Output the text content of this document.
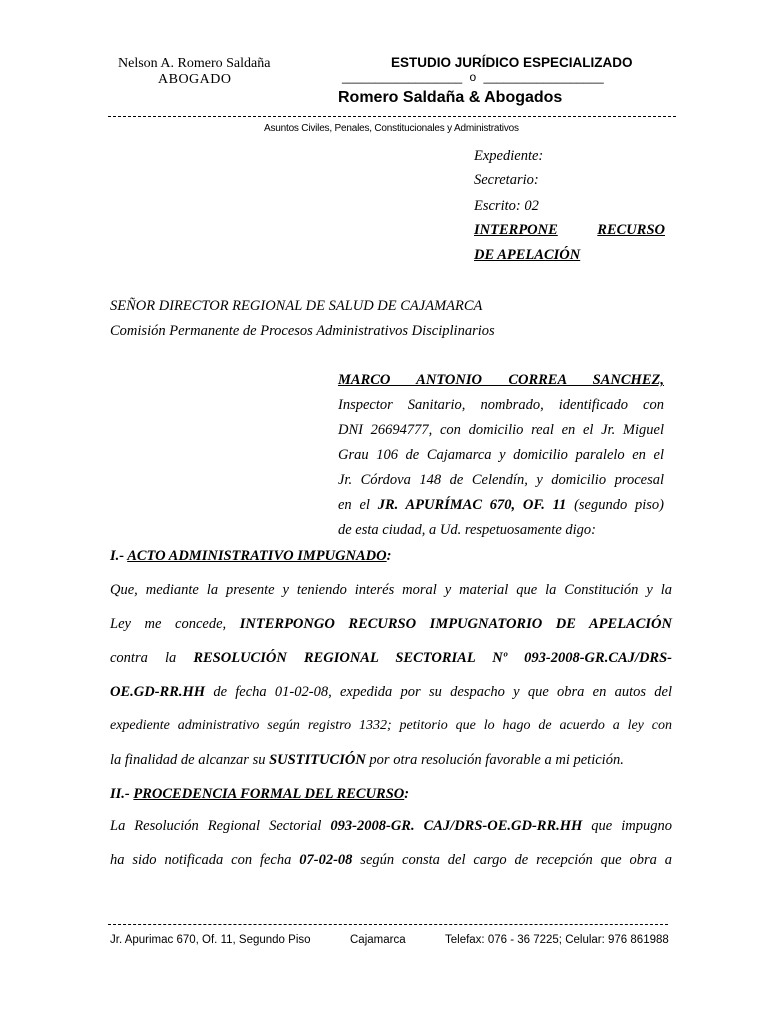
Nelson A. Romero Saldaña
ABOGADO
ESTUDIO JURÍDICO ESPECIALIZADO
__________________ o __________________
Romero Saldaña & Abogados
Asuntos Civiles, Penales, Constitucionales y Administrativos
Expediente:
Secretario:
Escrito: 02
INTERPONE	RECURSO
DE APELACIÓN
SEÑOR DIRECTOR REGIONAL DE SALUD DE CAJAMARCA
Comisión Permanente de Procesos Administrativos Disciplinarios
MARCO ANTONIO CORREA SANCHEZ,
Inspector Sanitario, nombrado, identificado con
DNI 26694777, con domicilio real en el Jr. Miguel
Grau 106 de Cajamarca y domicilio paralelo en el
Jr. Córdova 148 de Celendín, y domicilio procesal
en el JR. APURÍMAC 670, OF. 11 (segundo piso)
de esta ciudad, a Ud. respetuosamente digo:
I.- ACTO ADMINISTRATIVO IMPUGNADO:
Que, mediante la presente y teniendo interés moral y material que la Constitución y la
Ley me concede, INTERPONGO RECURSO IMPUGNATORIO DE APELACIÓN
contra la RESOLUCIÓN REGIONAL SECTORIAL Nº 093-2008-GR.CAJ/DRS-
OE.GD-RR.HH de fecha 01-02-08, expedida por su despacho y que obra en autos del
expediente administrativo según registro 1332; petitorio que lo hago de acuerdo a ley con
la finalidad de alcanzar su SUSTITUCIÓN por otra resolución favorable a mi petición.
II.- PROCEDENCIA FORMAL DEL RECURSO:
La Resolución Regional Sectorial 093-2008-GR. CAJ/DRS-OE.GD-RR.HH que impugno
ha sido notificada con fecha 07-02-08 según consta del cargo de recepción que obra a
Jr. Apurimac 670, Of. 11, Segundo Piso	Cajamarca	Telefax: 076 - 36 7225; Celular: 976 861988
